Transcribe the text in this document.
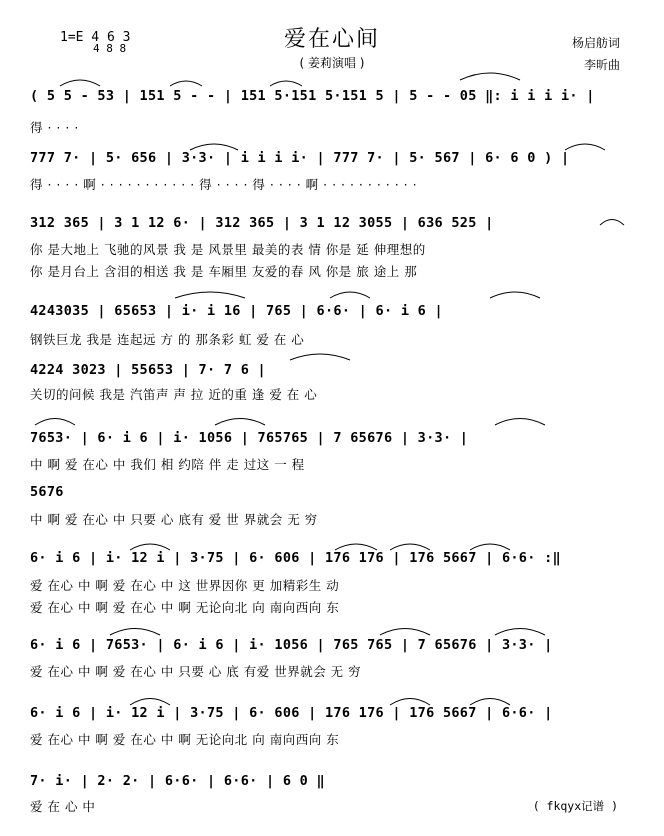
1=E 4 6 3
4 8 8	爱在心间
( 姜莉演唱 )
杨启舫词
李昕曲
( 5 5 - 53 | 151 5 - - | 151 5·151 5·151 5 | 5 - - 05 ‖: i i i i· |
得 · · · ·
777 7· | 5· 656 | 3·3· | i i i i· | 777 7· | 5· 567 | 6· 6 0 ) |
得 · · · · 啊 · · · · · · · · · · · 得 · · · · 得 · · · · 啊 · · · · · · · · · · ·
312 365 | 3 1 12 6· | 312 365 | 3 1 12 3055 | 636 525 |
你 是大地上 飞驰的风景 我 是 风景里 最美的表 情 你是 延 伸理想的
你 是月台上 含泪的相送 我 是 车厢里 友爱的春 风 你是 旅 途上 那
4243035 | 65653 | i· i 16 | 765 | 6·6· | 6· i 6 |
钢铁巨龙 我是 连起远 方 的 那条彩 虹 爱 在 心
4224 3023 | 55653 | 7· 7 6 |
关切的问候 我是 汽笛声 声 拉 近的重 逢 爱 在 心
7653· | 6· i 6 | i· 1056 | 765765 | 7 65676 | 3·3· |
中 啊 爱 在心 中 我们 相 约陪 伴 走 过这 一 程
5676
中 啊 爱 在心 中 只要 心 底有 爱 世 界就会 无 穷
6· i 6 | i· 12 i | 3·75 | 6· 606 | 176 176 | 176 5667 | 6·6· :‖
爱 在心 中 啊 爱 在心 中 这 世界因你 更 加精彩生 动
爱 在心 中 啊 爱 在心 中 啊 无论向北 向 南向西向 东
6· i 6 | 7653· | 6· i 6 | i· 1056 | 765 765 | 7 65676 | 3·3· |
爱 在心 中 啊 爱 在心 中 只要 心 底 有爱 世界就会 无 穷
6· i 6 | i· 12 i | 3·75 | 6· 606 | 176 176 | 176 5667 | 6·6· |
爱 在心 中 啊 爱 在心 中 啊 无论向北 向 南向西向 东
7· i· | 2· 2· | 6·6· | 6·6· | 6 0 ‖
爱 在 心 中	( fkqyx记谱 )
